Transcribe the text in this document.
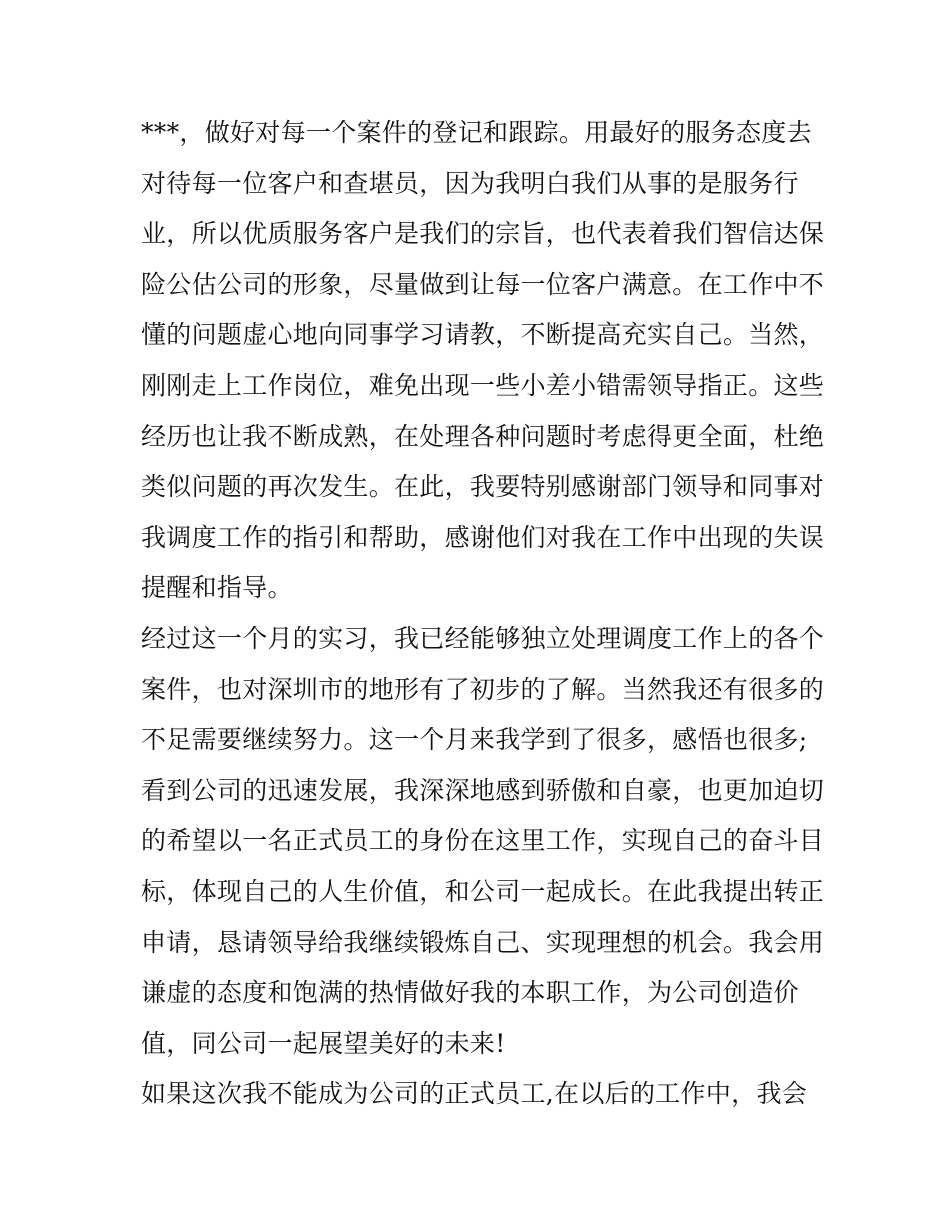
***，做好对每一个案件的登记和跟踪。用最好的服务态度去
对待每一位客户和查堪员，因为我明白我们从事的是服务行
业，所以优质服务客户是我们的宗旨，也代表着我们智信达保
险公估公司的形象，尽量做到让每一位客户满意。在工作中不
懂的问题虚心地向同事学习请教，不断提高充实自己。当然，
刚刚走上工作岗位，难免出现一些小差小错需领导指正。这些
经历也让我不断成熟，在处理各种问题时考虑得更全面，杜绝
类似问题的再次发生。在此，我要特别感谢部门领导和同事对
我调度工作的指引和帮助，感谢他们对我在工作中出现的失误
提醒和指导。
经过这一个月的实习，我已经能够独立处理调度工作上的各个
案件，也对深圳市的地形有了初步的了解。当然我还有很多的
不足需要继续努力。这一个月来我学到了很多，感悟也很多;
看到公司的迅速发展，我深深地感到骄傲和自豪，也更加迫切
的希望以一名正式员工的身份在这里工作，实现自己的奋斗目
标，体现自己的人生价值，和公司一起成长。在此我提出转正
申请，恳请领导给我继续锻炼自己、实现理想的机会。我会用
谦虚的态度和饱满的热情做好我的本职工作，为公司创造价
值，同公司一起展望美好的未来!
如果这次我不能成为公司的正式员工,在以后的工作中，我会
